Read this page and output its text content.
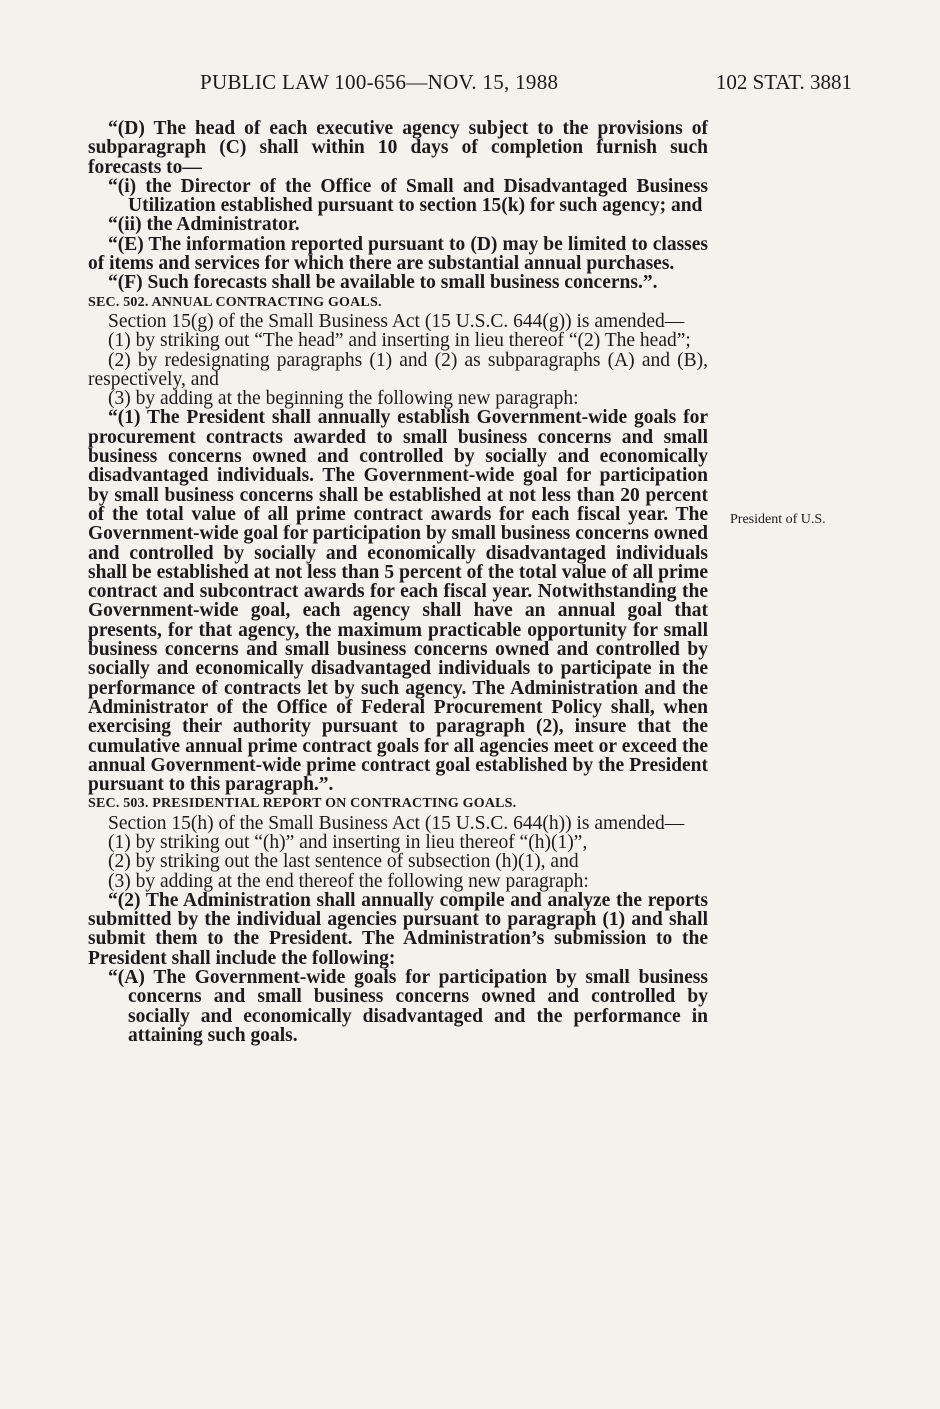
PUBLIC LAW 100-656—NOV. 15, 1988	102 STAT. 3881
President of U.S.

“(D) The head of each executive agency subject to the provisions of subparagraph (C) shall within 10 days of completion furnish such forecasts to—

“(i) the Director of the Office of Small and Disadvantaged Business Utilization established pursuant to section 15(k) for such agency; and

“(ii) the Administrator.

“(E) The information reported pursuant to (D) may be limited to classes of items and services for which there are substantial annual purchases.

“(F) Such forecasts shall be available to small business concerns.”.

SEC. 502. ANNUAL CONTRACTING GOALS.

Section 15(g) of the Small Business Act (15 U.S.C. 644(g)) is amended—

(1) by striking out “The head” and inserting in lieu thereof “(2) The head”;

(2) by redesignating paragraphs (1) and (2) as subparagraphs (A) and (B), respectively, and

(3) by adding at the beginning the following new paragraph:

“(1) The President shall annually establish Government-wide goals for procurement contracts awarded to small business concerns and small business concerns owned and controlled by socially and economically disadvantaged individuals. The Government-wide goal for participation by small business concerns shall be established at not less than 20 percent of the total value of all prime contract awards for each fiscal year. The Government-wide goal for participation by small business concerns owned and controlled by socially and economically disadvantaged individuals shall be established at not less than 5 percent of the total value of all prime contract and subcontract awards for each fiscal year. Notwithstanding the Government-wide goal, each agency shall have an annual goal that presents, for that agency, the maximum practicable opportunity for small business concerns and small business concerns owned and controlled by socially and economically disadvantaged individuals to participate in the performance of contracts let by such agency. The Administration and the Administrator of the Office of Federal Procurement Policy shall, when exercising their authority pursuant to paragraph (2), insure that the cumulative annual prime contract goals for all agencies meet or exceed the annual Government-wide prime contract goal established by the President pursuant to this paragraph.”.

SEC. 503. PRESIDENTIAL REPORT ON CONTRACTING GOALS.

Section 15(h) of the Small Business Act (15 U.S.C. 644(h)) is amended—

(1) by striking out “(h)” and inserting in lieu thereof “(h)(1)”,

(2) by striking out the last sentence of subsection (h)(1), and

(3) by adding at the end thereof the following new paragraph:

“(2) The Administration shall annually compile and analyze the reports submitted by the individual agencies pursuant to paragraph (1) and shall submit them to the President. The Administration’s submission to the President shall include the following:

“(A) The Government-wide goals for participation by small business concerns and small business concerns owned and controlled by socially and economically disadvantaged and the performance in attaining such goals.
